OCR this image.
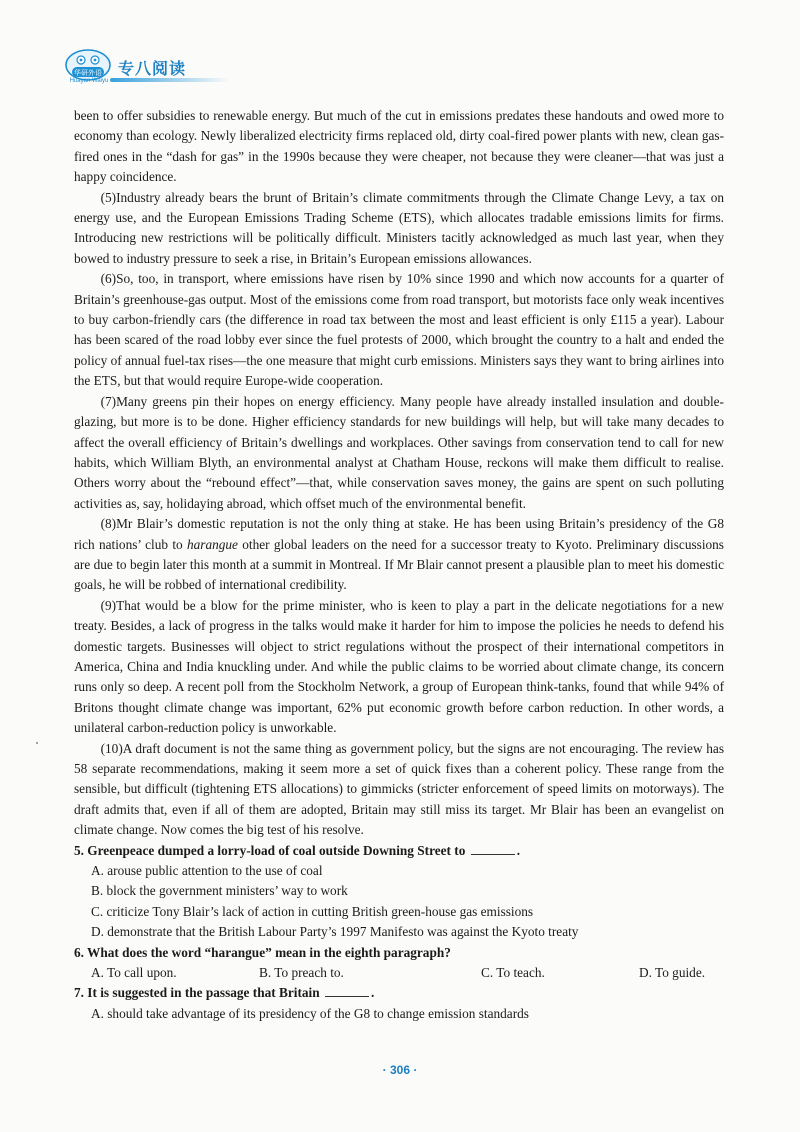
华研外语
Huayan Waiyu
专八阅读

been to offer subsidies to renewable energy. But much of the cut in emissions predates these handouts and owed more to economy than ecology. Newly liberalized electricity firms replaced old, dirty coal-fired power plants with new, clean gas-fired ones in the “dash for gas” in the 1990s because they were cheaper, not because they were cleaner—that was just a happy coincidence.

(5)Industry already bears the brunt of Britain’s climate commitments through the Climate Change Levy, a tax on energy use, and the European Emissions Trading Scheme (ETS), which allocates tradable emissions limits for firms. Introducing new restrictions will be politically difficult. Ministers tacitly acknowledged as much last year, when they bowed to industry pressure to seek a rise, in Britain’s European emissions allowances.

(6)So, too, in transport, where emissions have risen by 10% since 1990 and which now accounts for a quarter of Britain’s greenhouse-gas output. Most of the emissions come from road transport, but motorists face only weak incentives to buy carbon-friendly cars (the difference in road tax between the most and least efficient is only £115 a year). Labour has been scared of the road lobby ever since the fuel protests of 2000, which brought the country to a halt and ended the policy of annual fuel-tax rises—the one measure that might curb emissions. Ministers says they want to bring airlines into the ETS, but that would require Europe-wide cooperation.

(7)Many greens pin their hopes on energy efficiency. Many people have already installed insulation and double-glazing, but more is to be done. Higher efficiency standards for new buildings will help, but will take many decades to affect the overall efficiency of Britain’s dwellings and workplaces. Other savings from conservation tend to call for new habits, which William Blyth, an environmental analyst at Chatham House, reckons will make them difficult to realise. Others worry about the “rebound effect”—that, while conservation saves money, the gains are spent on such polluting activities as, say, holidaying abroad, which offset much of the environmental benefit.

(8)Mr Blair’s domestic reputation is not the only thing at stake. He has been using Britain’s presidency of the G8 rich nations’ club to harangue other global leaders on the need for a successor treaty to Kyoto. Preliminary discussions are due to begin later this month at a summit in Montreal. If Mr Blair cannot present a plausible plan to meet his domestic goals, he will be robbed of international credibility.

(9)That would be a blow for the prime minister, who is keen to play a part in the delicate negotiations for a new treaty. Besides, a lack of progress in the talks would make it harder for him to impose the policies he needs to defend his domestic targets. Businesses will object to strict regulations without the prospect of their international competitors in America, China and India knuckling under. And while the public claims to be worried about climate change, its concern runs only so deep. A recent poll from the Stockholm Network, a group of European think-tanks, found that while 94% of Britons thought climate change was important, 62% put economic growth before carbon reduction. In other words, a unilateral carbon-reduction policy is unworkable.

(10)A draft document is not the same thing as government policy, but the signs are not encouraging. The review has 58 separate recommendations, making it seem more a set of quick fixes than a coherent policy. These range from the sensible, but difficult (tightening ETS allocations) to gimmicks (stricter enforcement of speed limits on motorways). The draft admits that, even if all of them are adopted, Britain may still miss its target. Mr Blair has been an evangelist on climate change. Now comes the big test of his resolve.

5. Greenpeace dumped a lorry-load of coal outside Downing Street to	.

A. arouse public attention to the use of coal

B. block the government ministers’ way to work

C. criticize Tony Blair’s lack of action in cutting British green-house gas emissions

D. demonstrate that the British Labour Party’s 1997 Manifesto was against the Kyoto treaty

6. What does the word “harangue” mean in the eighth paragraph?

A. To call upon.	B. To preach to.	C. To teach.	D. To guide.

7. It is suggested in the passage that Britain	.

A. should take advantage of its presidency of the G8 to change emission standards

· 306 ·
